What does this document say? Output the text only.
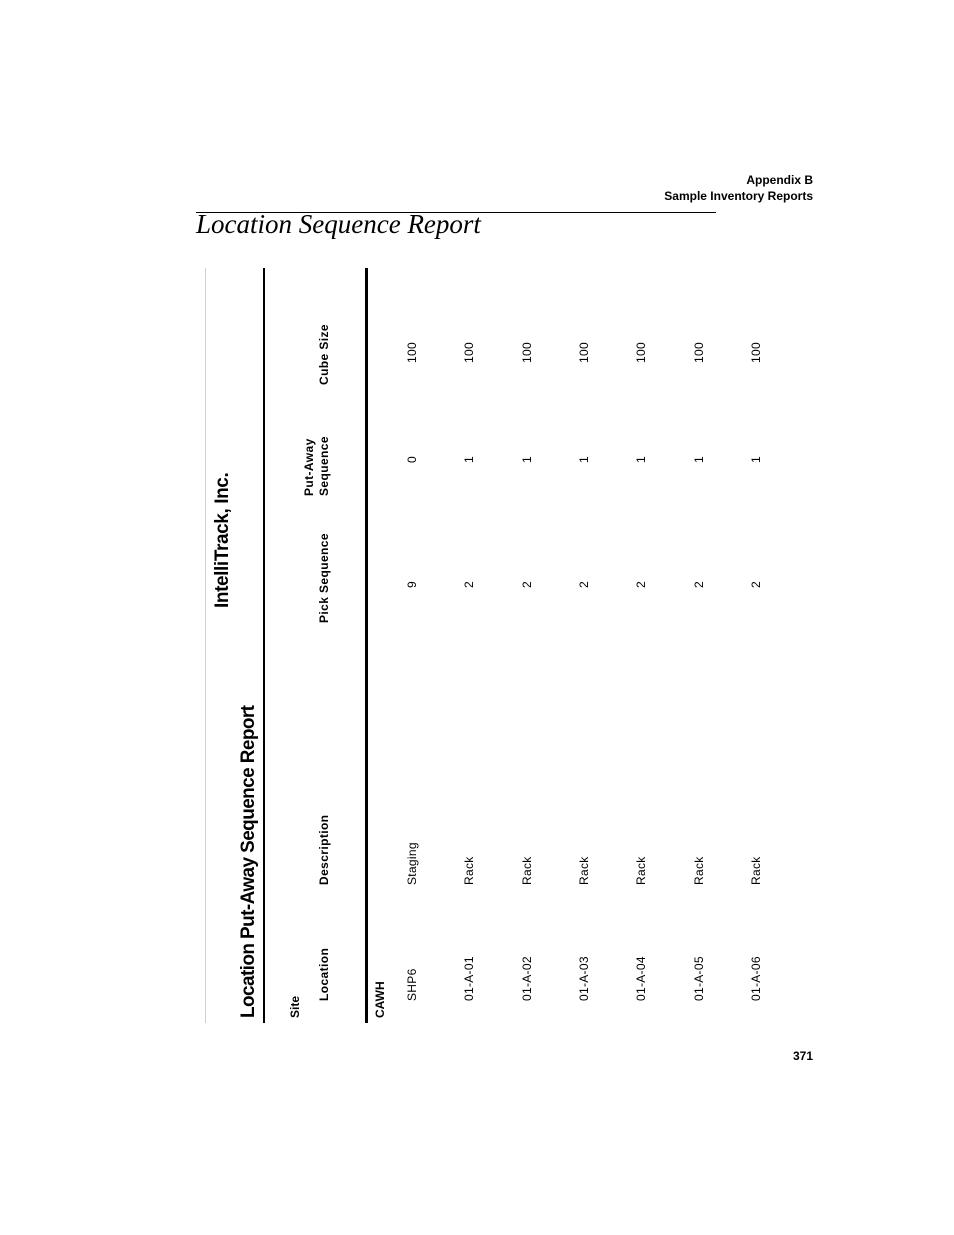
Appendix B
Sample Inventory Reports
Location Sequence Report
Location Put-Away Sequence Report
IntelliTrack, Inc.
Site
Location
Description
Pick Sequence
Put-Away Sequence
Cube Size
CAWH SHP6
Staging
9
0
100
01-A-01
Rack
2
1
100
01-A-02
Rack
2
1
100
01-A-03
Rack
2
1
100
01-A-04
Rack
2
1
100
01-A-05
Rack
2
1
100
01-A-06
Rack
2
1
100
371
